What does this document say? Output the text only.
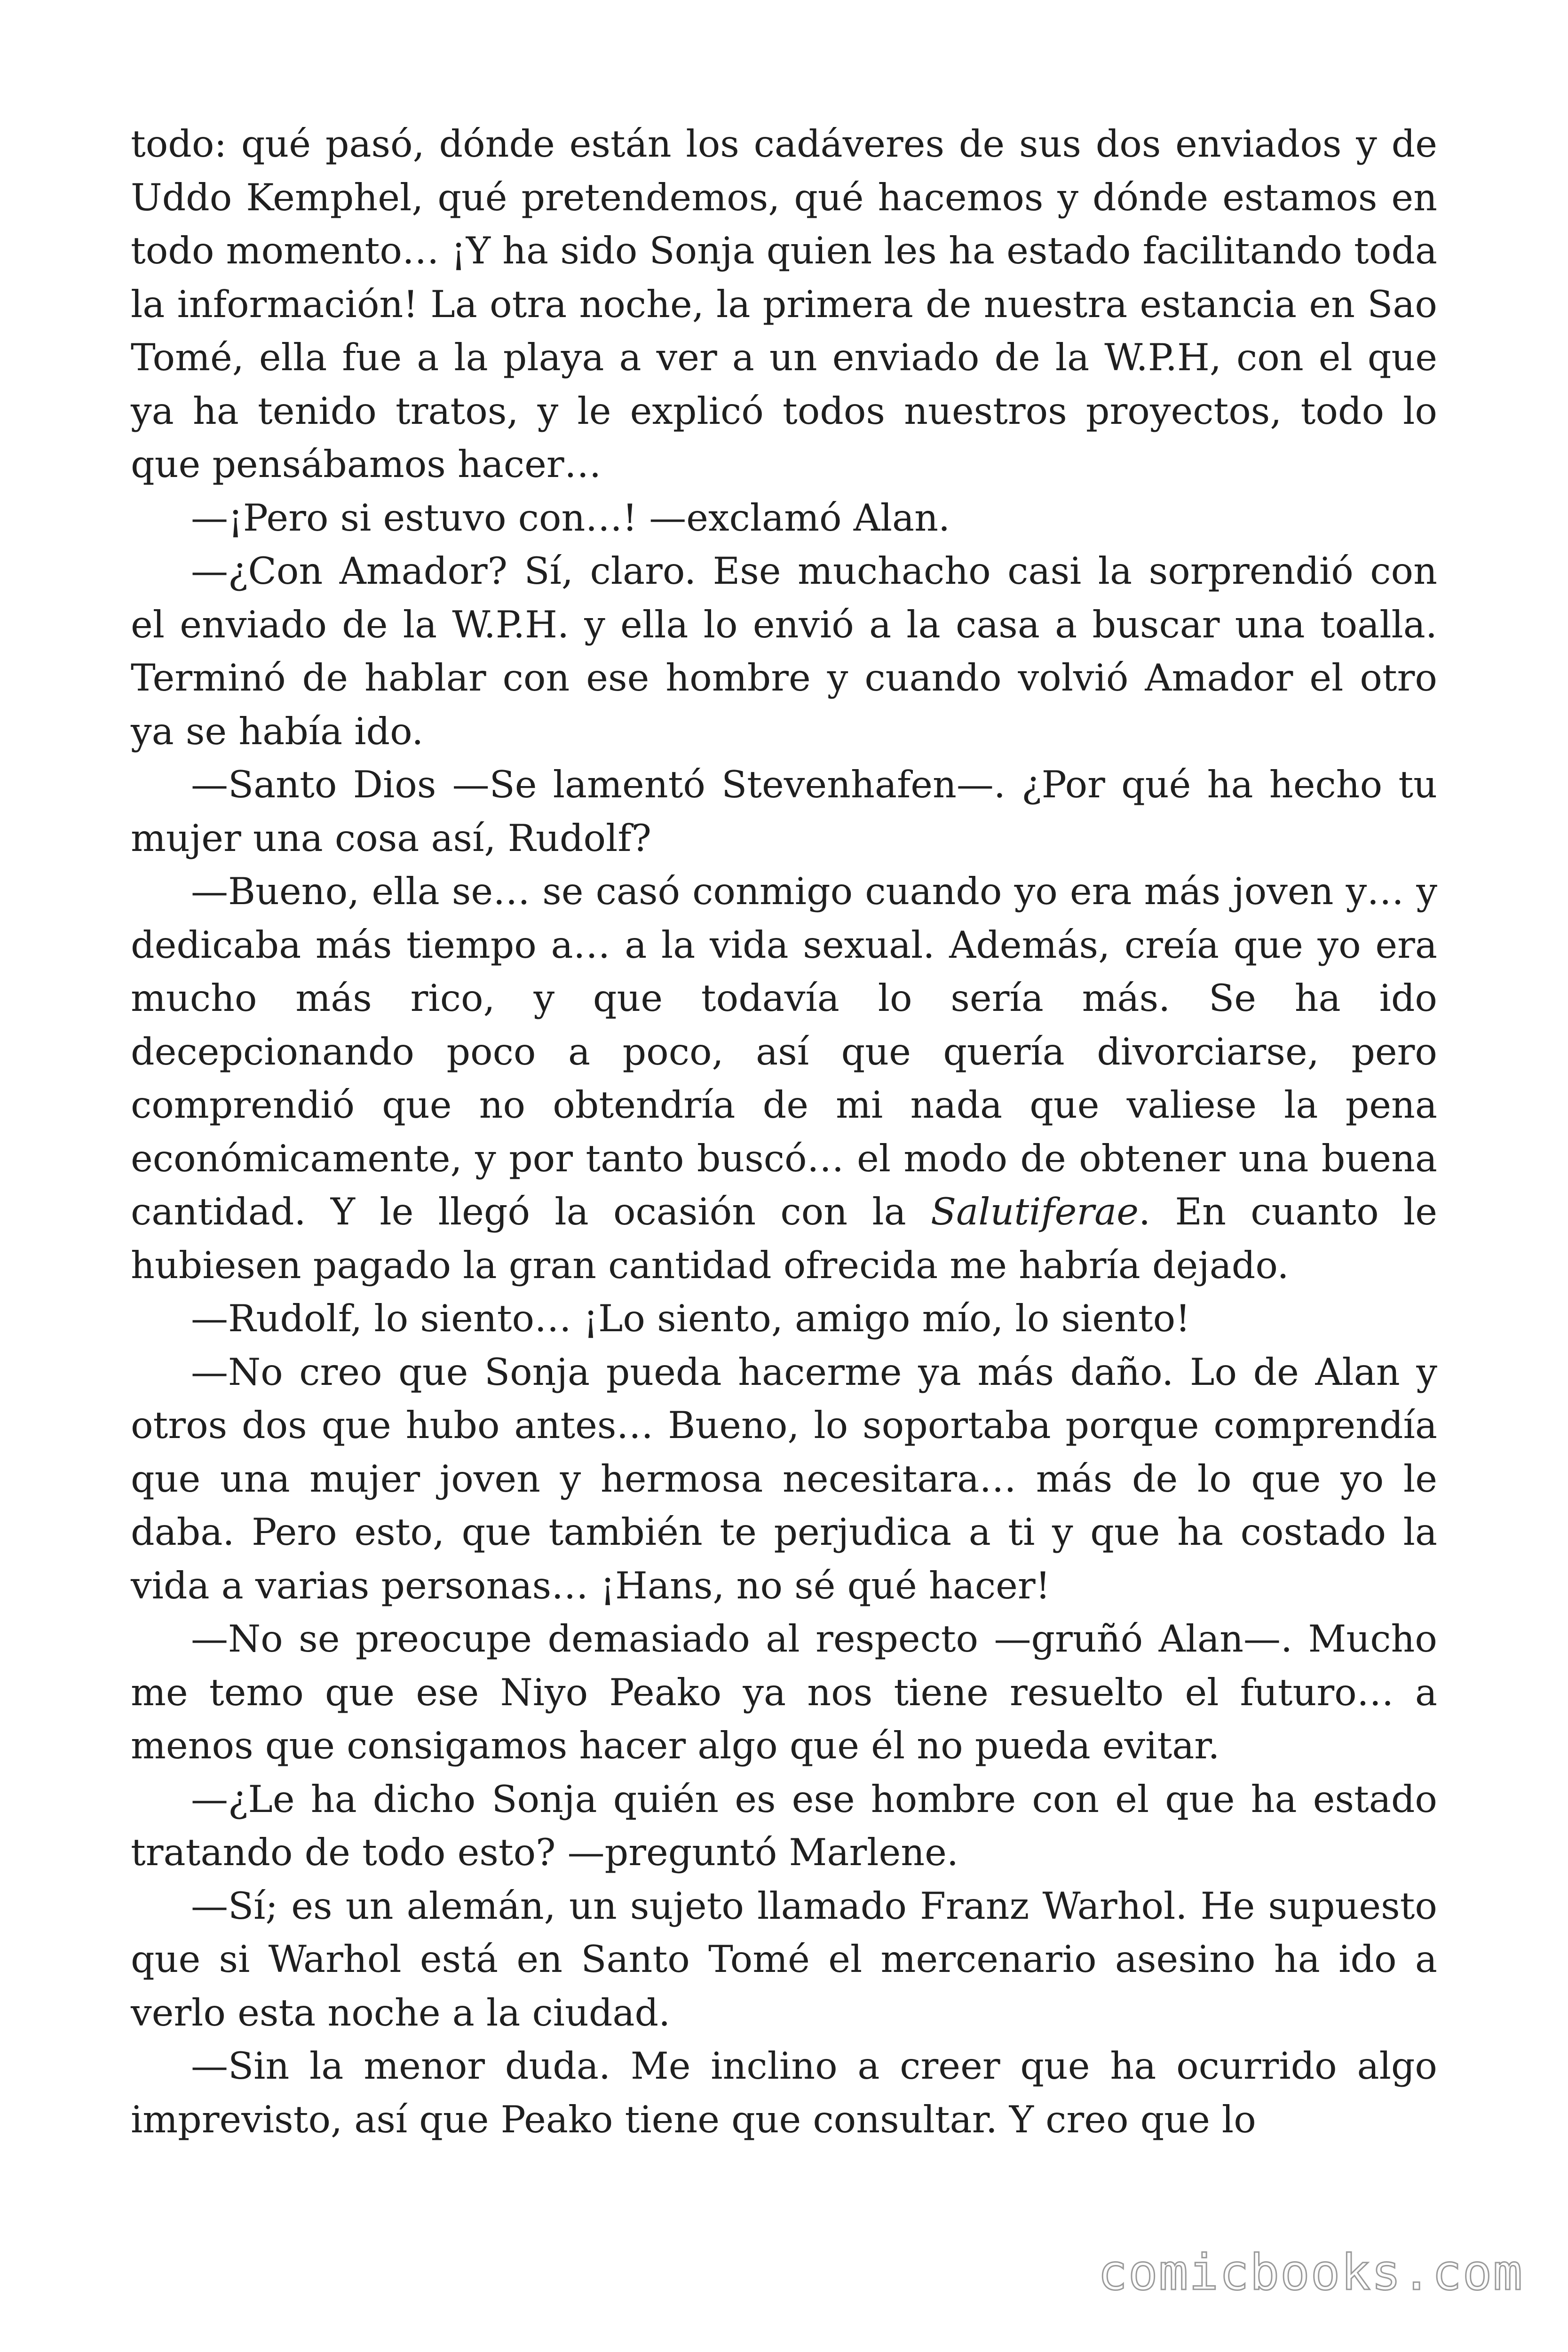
todo: qué pasó, dónde están los cadáveres de sus dos enviados y de Uddo Kemphel, qué pretendemos, qué hacemos y dónde estamos en todo momento… ¡Y ha sido Sonja quien les ha estado facilitando toda la información! La otra noche, la primera de nuestra estancia en Sao Tomé, ella fue a la playa a ver a un enviado de la W.P.H, con el que ya ha tenido tratos, y le explicó todos nuestros proyectos, todo lo que pensábamos hacer…

—¡Pero si estuvo con…! —exclamó Alan.

—¿Con Amador? Sí, claro. Ese muchacho casi la sorprendió con el enviado de la W.P.H. y ella lo envió a la casa a buscar una toalla. Terminó de hablar con ese hombre y cuando volvió Amador el otro ya se había ido.

—Santo Dios —Se lamentó Stevenhafen—. ¿Por qué ha hecho tu mujer una cosa así, Rudolf?

—Bueno, ella se… se casó conmigo cuando yo era más joven y… y dedicaba más tiempo a… a la vida sexual. Además, creía que yo era mucho más rico, y que todavía lo sería más. Se ha ido decepcionando poco a poco, así que quería divorciarse, pero comprendió que no obtendría de mi nada que valiese la pena económicamente, y por tanto buscó… el modo de obtener una buena cantidad. Y le llegó la ocasión con la Salutiferae. En cuanto le hubiesen pagado la gran cantidad ofrecida me habría dejado.

—Rudolf, lo siento… ¡Lo siento, amigo mío, lo siento!

—No creo que Sonja pueda hacerme ya más daño. Lo de Alan y otros dos que hubo antes… Bueno, lo soportaba porque comprendía que una mujer joven y hermosa necesitara… más de lo que yo le daba. Pero esto, que también te perjudica a ti y que ha costado la vida a varias personas… ¡Hans, no sé qué hacer!

—No se preocupe demasiado al respecto —gruñó Alan—. Mucho me temo que ese Niyo Peako ya nos tiene resuelto el futuro… a menos que consigamos hacer algo que él no pueda evitar.

—¿Le ha dicho Sonja quién es ese hombre con el que ha estado tratando de todo esto? —preguntó Marlene.

—Sí; es un alemán, un sujeto llamado Franz Warhol. He supuesto que si Warhol está en Santo Tomé el mercenario asesino ha ido a verlo esta noche a la ciudad.

—Sin la menor duda. Me inclino a creer que ha ocurrido algo imprevisto, así que Peako tiene que consultar. Y creo que lo

comicbooks.com
